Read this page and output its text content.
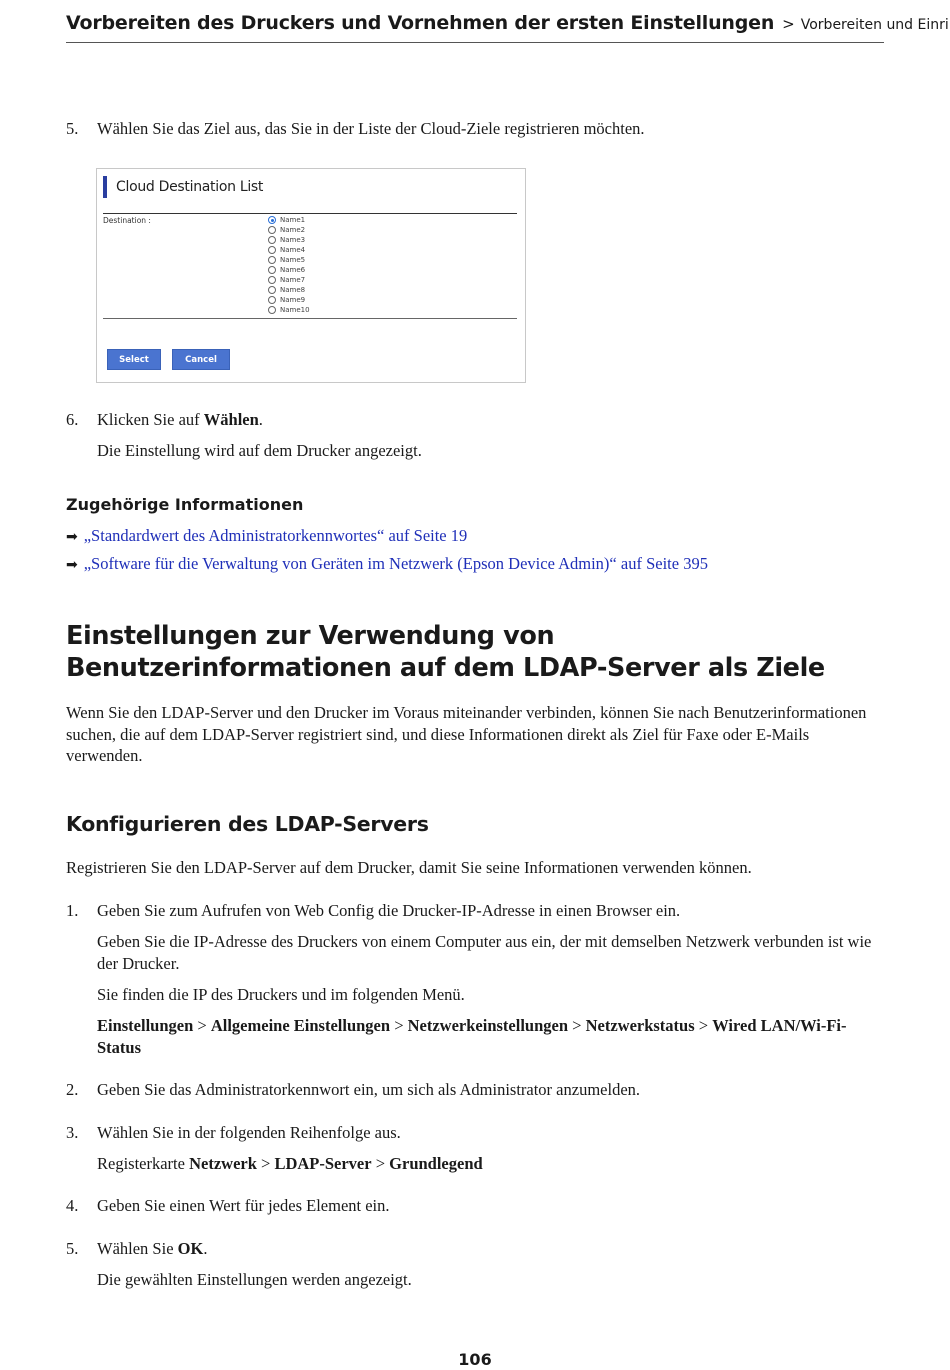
Vorbereiten des Druckers und Vornehmen der ersten Einstellungen > Vorbereiten und Einri
5.	Wählen Sie das Ziel aus, das Sie in der Liste der Cloud-Ziele registrieren möchten.
Cloud Destination List
Destination :	Name1
Name2
Name3
Name4
Name5
Name6
Name7
Name8
Name9
Name10
Select	Cancel
6.	Klicken Sie auf Wählen.
Die Einstellung wird auf dem Drucker angezeigt.
Zugehörige Informationen
➡ „Standardwert des Administratorkennwortes“ auf Seite 19
➡ „Software für die Verwaltung von Geräten im Netzwerk (Epson Device Admin)“ auf Seite 395
Einstellungen zur Verwendung von Benutzerinformationen auf dem LDAP-Server als Ziele
Wenn Sie den LDAP-Server und den Drucker im Voraus miteinander verbinden, können Sie nach Benutzerinformationen suchen, die auf dem LDAP-Server registriert sind, und diese Informationen direkt als Ziel für Faxe oder E-Mails verwenden.
Konfigurieren des LDAP-Servers
Registrieren Sie den LDAP-Server auf dem Drucker, damit Sie seine Informationen verwenden können.
1.	Geben Sie zum Aufrufen von Web Config die Drucker-IP-Adresse in einen Browser ein.
Geben Sie die IP-Adresse des Druckers von einem Computer aus ein, der mit demselben Netzwerk verbunden ist wie der Drucker.
Sie finden die IP des Druckers und im folgenden Menü.
Einstellungen > Allgemeine Einstellungen > Netzwerkeinstellungen > Netzwerkstatus > Wired LAN/Wi-Fi-Status
2.	Geben Sie das Administratorkennwort ein, um sich als Administrator anzumelden.
3.	Wählen Sie in der folgenden Reihenfolge aus.
Registerkarte Netzwerk > LDAP-Server > Grundlegend
4.	Geben Sie einen Wert für jedes Element ein.
5.	Wählen Sie OK.
Die gewählten Einstellungen werden angezeigt.
106
